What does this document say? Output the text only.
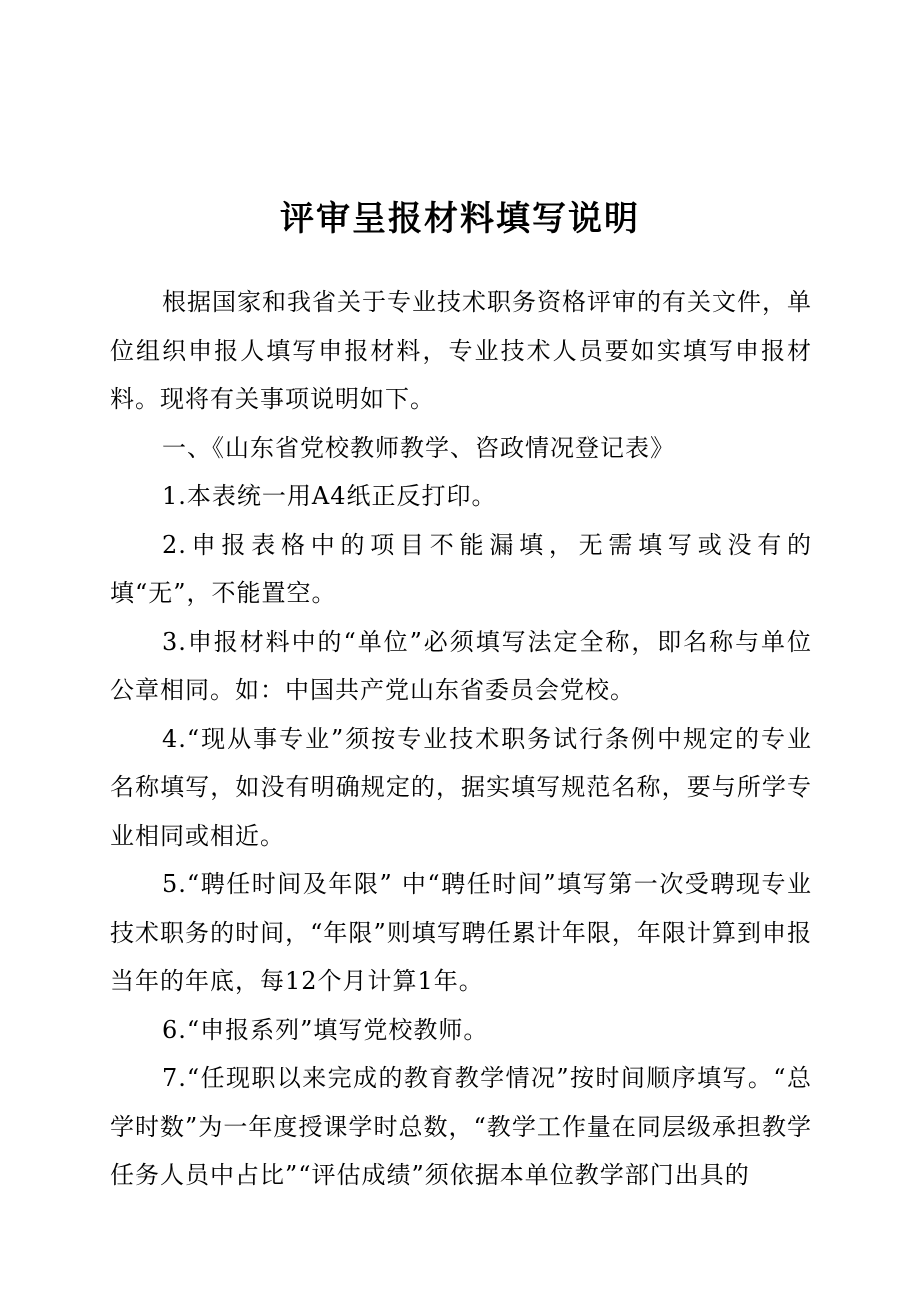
评审呈报材料填写说明

根据国家和我省关于专业技术职务资格评审的有关文件，单位组织申报人填写申报材料，专业技术人员要如实填写申报材料。现将有关事项说明如下。

一、《山东省党校教师教学、咨政情况登记表》

1.本表统一用A4纸正反打印。

2.申报表格中的项目不能漏填，无需填写或没有的填“无”，不能置空。

3.申报材料中的“单位”必须填写法定全称，即名称与单位公章相同。如：中国共产党山东省委员会党校。

4.“现从事专业”须按专业技术职务试行条例中规定的专业名称填写，如没有明确规定的，据实填写规范名称，要与所学专业相同或相近。

5.“聘任时间及年限” 中“聘任时间”填写第一次受聘现专业技术职务的时间，“年限”则填写聘任累计年限，年限计算到申报当年的年底，每12个月计算1年。

6.“申报系列”填写党校教师。

7.“任现职以来完成的教育教学情况”按时间顺序填写。“总学时数”为一年度授课学时总数，“教学工作量在同层级承担教学任务人员中占比”“评估成绩”须依据本单位教学部门出具的
